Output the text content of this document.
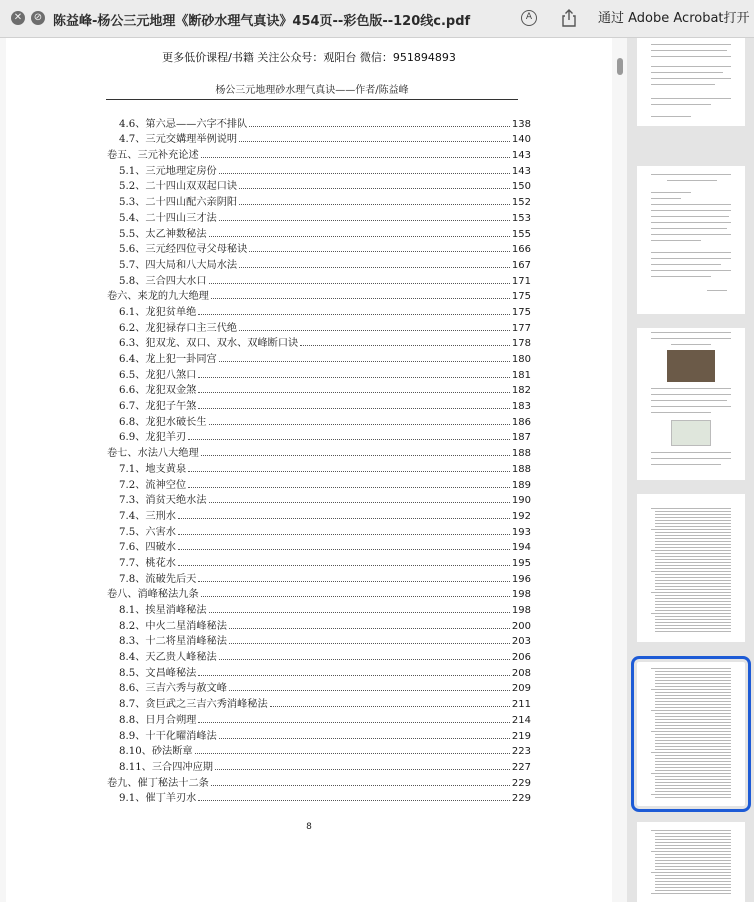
✕ ⊘ 陈益峰-杨公三元地理《断砂水理气真诀》454页--彩色版--120线c.pdf	A	通过 Adobe Acrobat打开
更多低价课程/书籍 关注公众号：观阳台 微信：951894893
杨公三元地理砂水理气真诀——作者/陈益峰
4.6、第六忌——六字不排队	138
4.7、三元交媾理举例说明	140
卷五、三元补充论述	143
5.1、三元地理定房份	143
5.2、二十四山双双起口诀	150
5.3、二十四山配六亲阴阳	152
5.4、二十四山三才法	153
5.5、太乙神数秘法	155
5.6、三元经四位寻父母秘诀	166
5.7、四大局和八大局水法	167
5.8、三合四大水口	171
卷六、来龙的九大绝理	175
6.1、龙犯贫单绝	175
6.2、龙犯禄存口主三代绝	177
6.3、犯双龙、双口、双水、双峰断口诀	178
6.4、龙上犯一卦同宫	180
6.5、龙犯八煞口	181
6.6、龙犯双金煞	182
6.7、龙犯子午煞	183
6.8、龙犯水破长生	186
6.9、龙犯羊刃	187
卷七、水法八大绝理	188
7.1、地支黄泉	188
7.2、流神空位	189
7.3、消贫天绝水法	190
7.4、三刑水	192
7.5、六害水	193
7.6、四破水	194
7.7、桃花水	195
7.8、流破先后天	196
卷八、消峰秘法九条	198
8.1、挨星消峰秘法	198
8.2、中火二星消峰秘法	200
8.3、十二将星消峰秘法	203
8.4、天乙贵人峰秘法	206
8.5、文昌峰秘法	208
8.6、三吉六秀与赦文峰	209
8.7、贪巨武之三吉六秀消峰秘法	211
8.8、日月合朔理	214
8.9、十干化曜消峰法	219
8.10、砂法断章	223
8.11、三合四冲应期	227
卷九、催丁秘法十二条	229
9.1、催丁羊刃水	229
8
